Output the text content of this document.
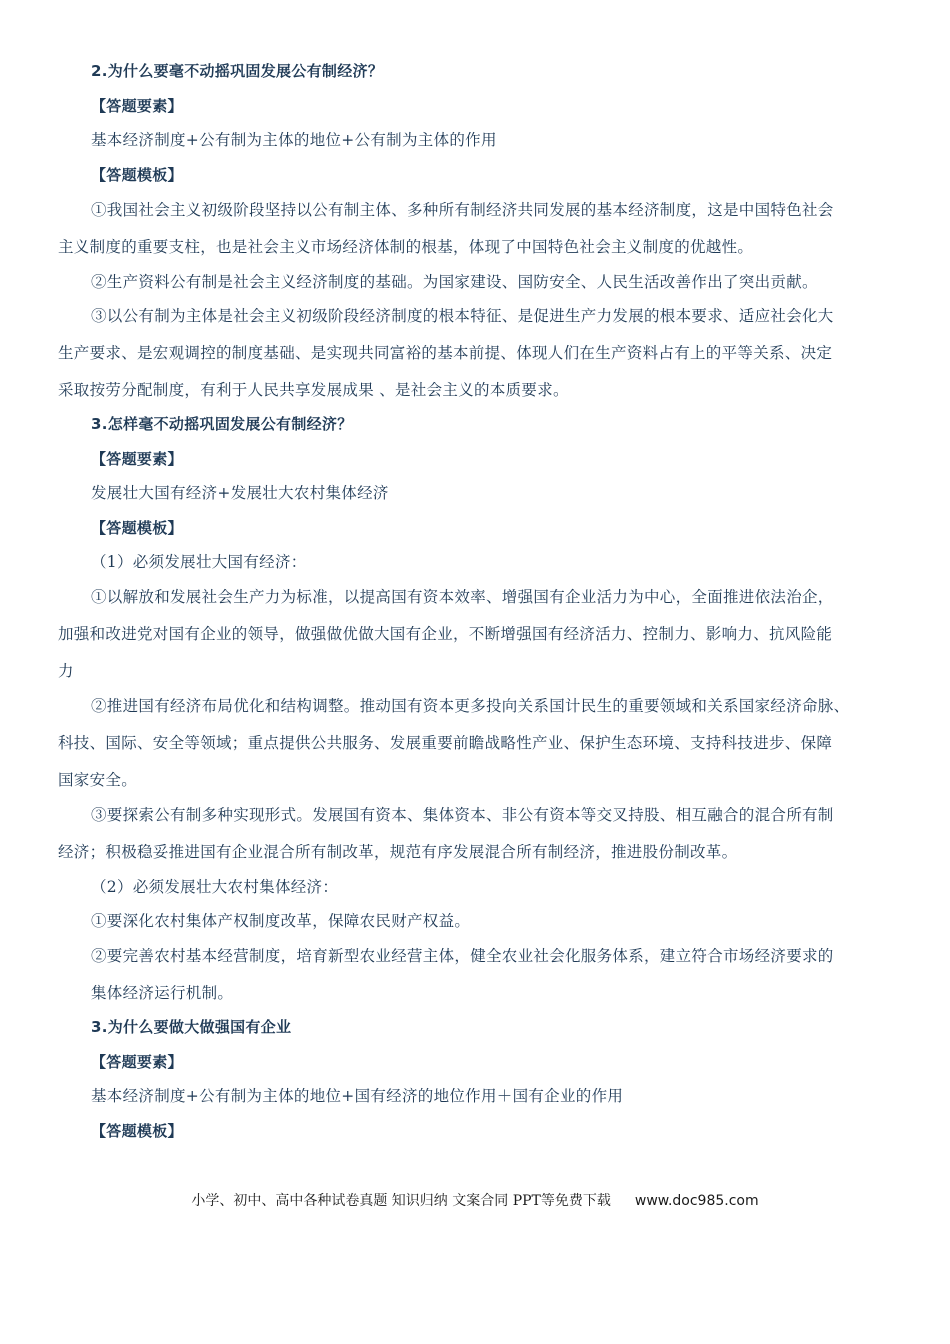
2.为什么要毫不动摇巩固发展公有制经济？
【答题要素】
基本经济制度+公有制为主体的地位+公有制为主体的作用
【答题模板】
①我国社会主义初级阶段坚持以公有制主体、多种所有制经济共同发展的基本经济制度，这是中国特色社会
主义制度的重要支柱，也是社会主义市场经济体制的根基，体现了中国特色社会主义制度的优越性。
②生产资料公有制是社会主义经济制度的基础。为国家建设、国防安全、人民生活改善作出了突出贡献。
③以公有制为主体是社会主义初级阶段经济制度的根本特征、是促进生产力发展的根本要求、适应社会化大
生产要求、是宏观调控的制度基础、是实现共同富裕的基本前提、体现人们在生产资料占有上的平等关系、决定
采取按劳分配制度，有利于人民共享发展成果 、是社会主义的本质要求。
3.怎样毫不动摇巩固发展公有制经济？
【答题要素】
发展壮大国有经济+发展壮大农村集体经济
【答题模板】
（1）必须发展壮大国有经济：
①以解放和发展社会生产力为标准，以提高国有资本效率、增强国有企业活力为中心，全面推进依法治企，
加强和改进党对国有企业的领导，做强做优做大国有企业，不断增强国有经济活力、控制力、影响力、抗风险能
力
②推进国有经济布局优化和结构调整。推动国有资本更多投向关系国计民生的重要领域和关系国家经济命脉、
科技、国际、安全等领域；重点提供公共服务、发展重要前瞻战略性产业、保护生态环境、支持科技进步、保障
国家安全。
③要探索公有制多种实现形式。发展国有资本、集体资本、非公有资本等交叉持股、相互融合的混合所有制
经济；积极稳妥推进国有企业混合所有制改革，规范有序发展混合所有制经济，推进股份制改革。
（2）必须发展壮大农村集体经济：
①要深化农村集体产权制度改革，保障农民财产权益。
②要完善农村基本经营制度，培育新型农业经营主体，健全农业社会化服务体系，建立符合市场经济要求的
集体经济运行机制。
3.为什么要做大做强国有企业
【答题要素】
基本经济制度+公有制为主体的地位+国有经济的地位作用＋国有企业的作用
【答题模板】
小学、初中、高中各种试卷真题 知识归纳 文案合同 PPT等免费下载 www.doc985.com
